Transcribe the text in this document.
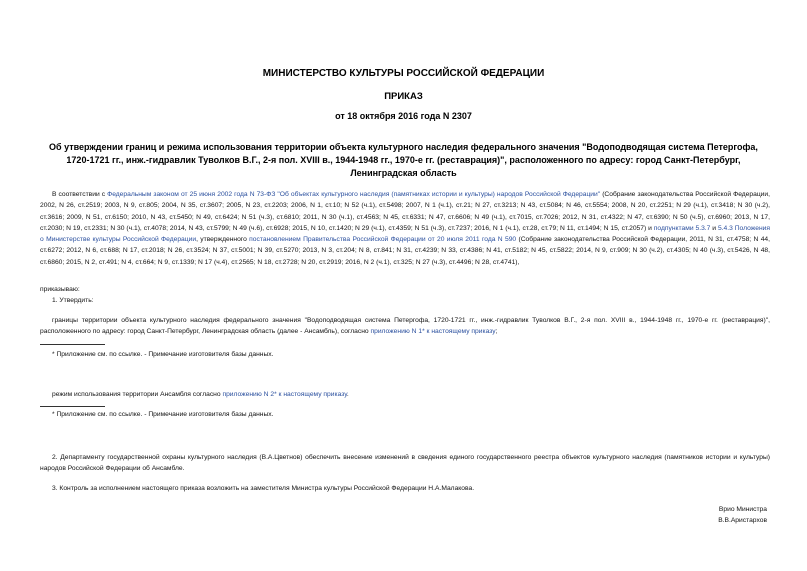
МИНИСТЕРСТВО КУЛЬТУРЫ РОССИЙСКОЙ ФЕДЕРАЦИИ
ПРИКАЗ
от 18 октября 2016 года N 2307
Об утверждении границ и режима использования территории объекта культурного наследия федерального значения "Водоподводящая система Петергофа, 1720-1721 гг., инж.-гидравлик Туволков В.Г., 2-я пол. XVIII в., 1944-1948 гг., 1970-е гг. (реставрация)", расположенного по адресу: город Санкт-Петербург, Ленинградская область
В соответствии с Федеральным законом от 25 июня 2002 года N 73-ФЗ "Об объектах культурного наследия (памятниках истории и культуры) народов Российской Федерации" (Собрание законодательства Российской Федерации, 2002, N 26, ст.2519; 2003, N 9, ст.805; 2004, N 35, ст.3607; 2005, N 23, ст.2203; 2006, N 1, ст.10; N 52 (ч.1), ст.5498; 2007, N 1 (ч.1), ст.21; N 27, ст.3213; N 43, ст.5084; N 46, ст.5554; 2008, N 20, ст.2251; N 29 (ч.1), ст.3418; N 30 (ч.2), ст.3616; 2009, N 51, ст.6150; 2010, N 43, ст.5450; N 49, ст.6424; N 51 (ч.3), ст.6810; 2011, N 30 (ч.1), ст.4563; N 45, ст.6331; N 47, ст.6606; N 49 (ч.1), ст.7015, ст.7026; 2012, N 31, ст.4322; N 47, ст.6390; N 50 (ч.5), ст.6960; 2013, N 17, ст.2030; N 19, ст.2331; N 30 (ч.1), ст.4078; 2014, N 43, ст.5799; N 49 (ч.6), ст.6928; 2015, N 10, ст.1420; N 29 (ч.1), ст.4359; N 51 (ч.3), ст.7237; 2016, N 1 (ч.1), ст.28, ст.79; N 11, ст.1494; N 15, ст.2057) и подпунктами 5.3.7 и 5.4.3 Положения о Министерстве культуры Российской Федерации, утвержденного постановлением Правительства Российской Федерации от 20 июля 2011 года N 590 (Собрание законодательства Российской Федерации, 2011, N 31, ст.4758; N 44, ст.6272; 2012, N 6, ст.688; N 17, ст.2018; N 26, ст.3524; N 37, ст.5001; N 39, ст.5270; 2013, N 3, ст.204; N 8, ст.841; N 31, ст.4239; N 33, ст.4386; N 41, ст.5182; N 45, ст.5822; 2014, N 9, ст.909; N 30 (ч.2), ст.4305; N 40 (ч.3), ст.5426, N 48, ст.6860; 2015, N 2, ст.491; N 4, ст.664; N 9, ст.1339; N 17 (ч.4), ст.2565; N 18, ст.2728; N 20, ст.2919; 2016, N 2 (ч.1), ст.325; N 27 (ч.3), ст.4496; N 28, ст.4741),
приказываю:
1. Утвердить:
границы территории объекта культурного наследия федерального значения "Водоподводящая система Петергофа, 1720-1721 гг., инж.-гидравлик Туволков В.Г., 2-я пол. XVIII в., 1944-1948 гг., 1970-е гг. (реставрация)", расположенного по адресу: город Санкт-Петербург, Ленинградская область (далее - Ансамбль), согласно приложению N 1* к настоящему приказу;
* Приложение см. по ссылке. - Примечание изготовителя базы данных.
режим использования территории Ансамбля согласно приложению N 2* к настоящему приказу.
* Приложение см. по ссылке. - Примечание изготовителя базы данных.
2. Департаменту государственной охраны культурного наследия (В.А.Цветнов) обеспечить внесение изменений в сведения единого государственного реестра объектов культурного наследия (памятников истории и культуры) народов Российской Федерации об Ансамбле.
3. Контроль за исполнением настоящего приказа возложить на заместителя Министра культуры Российской Федерации Н.А.Малакова.
Врио Министра
В.В.Аристархов
